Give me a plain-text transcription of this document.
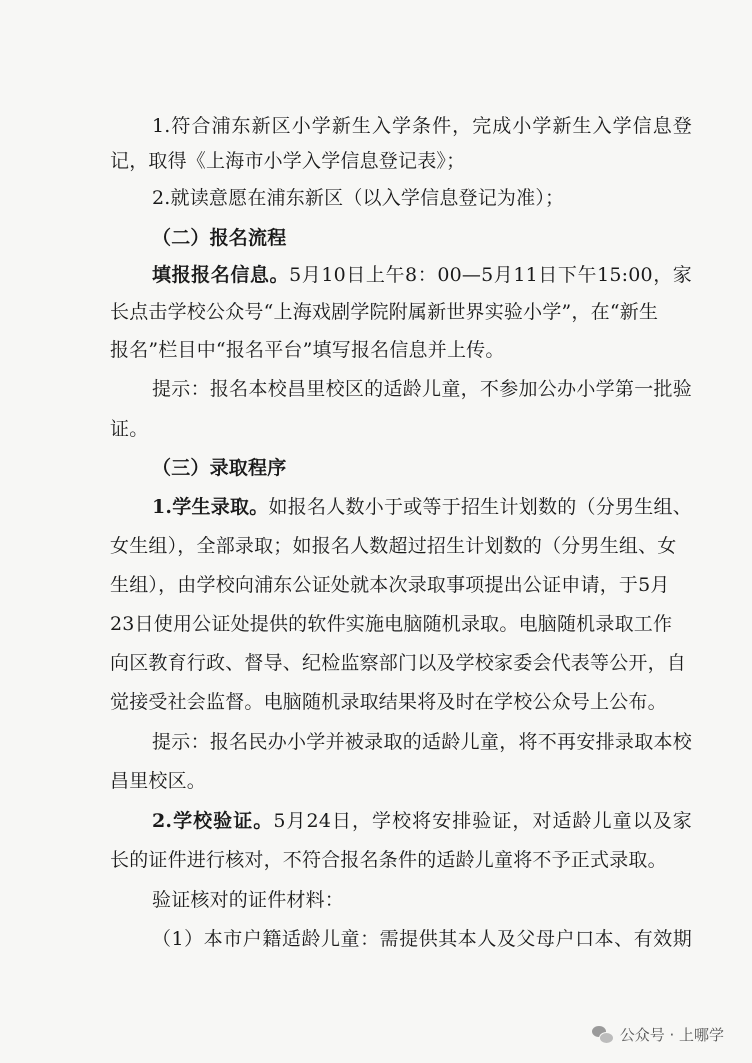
1.符合浦东新区小学新生入学条件，完成小学新生入学信息登
记，取得《上海市小学入学信息登记表》；
2.就读意愿在浦东新区（以入学信息登记为准）；
（二）报名流程
填报报名信息。5月10日上午8：00—5月11日下午15:00，家
长点击学校公众号“上海戏剧学院附属新世界实验小学”，在“新生
报名”栏目中“报名平台”填写报名信息并上传。
提示：报名本校昌里校区的适龄儿童，不参加公办小学第一批验
证。
（三）录取程序
1.学生录取。如报名人数小于或等于招生计划数的（分男生组、
女生组），全部录取；如报名人数超过招生计划数的（分男生组、女
生组），由学校向浦东公证处就本次录取事项提出公证申请，于5月
23日使用公证处提供的软件实施电脑随机录取。电脑随机录取工作
向区教育行政、督导、纪检监察部门以及学校家委会代表等公开，自
觉接受社会监督。电脑随机录取结果将及时在学校公众号上公布。
提示：报名民办小学并被录取的适龄儿童，将不再安排录取本校
昌里校区。
2.学校验证。5月24日，学校将安排验证，对适龄儿童以及家
长的证件进行核对，不符合报名条件的适龄儿童将不予正式录取。
验证核对的证件材料：
（1）本市户籍适龄儿童：需提供其本人及父母户口本、有效期
公众号 · 上哪学
